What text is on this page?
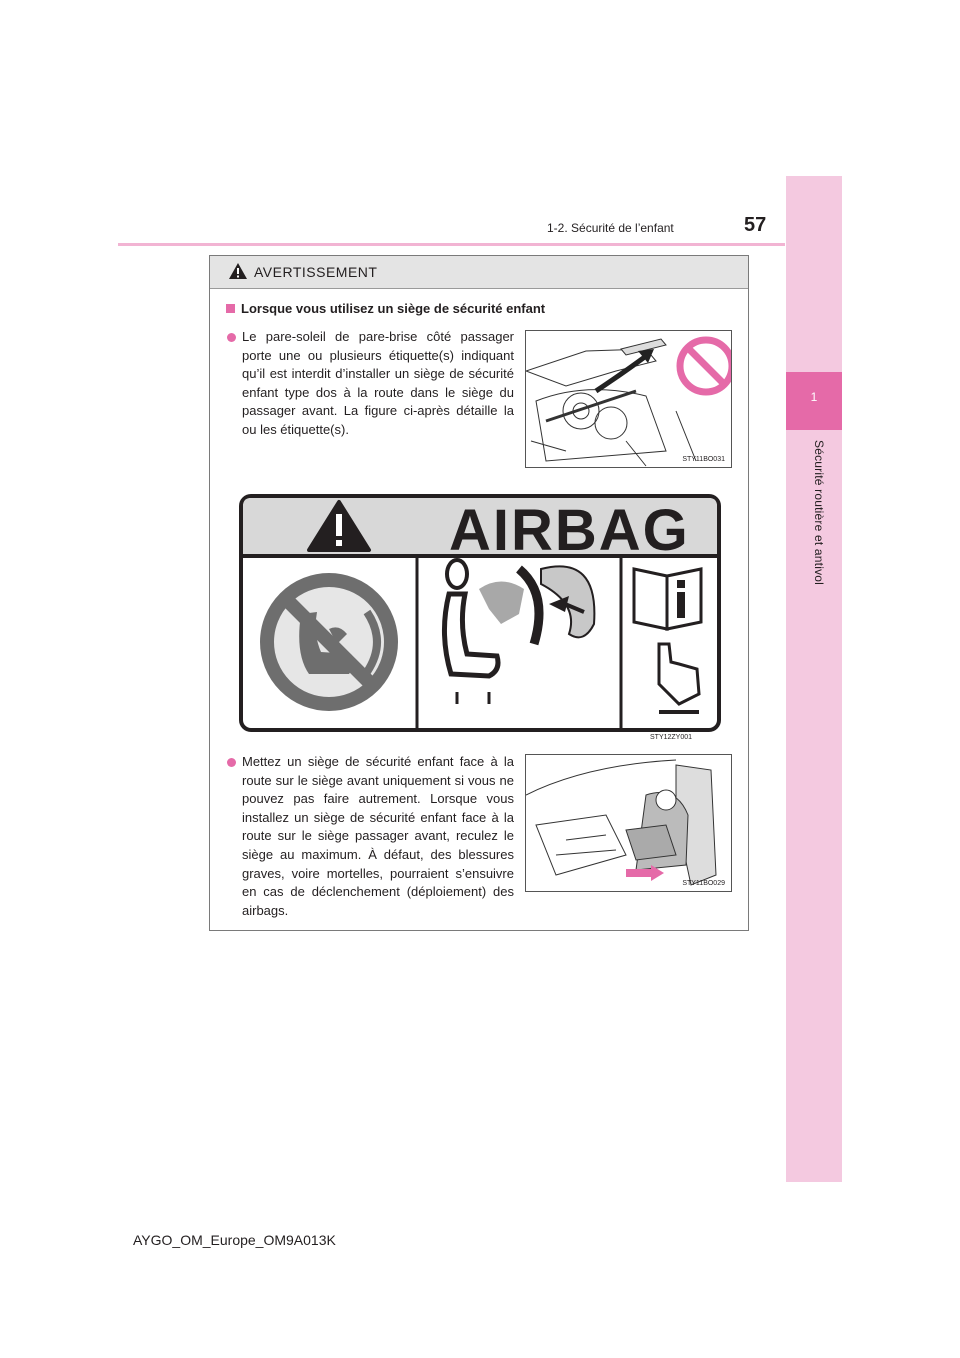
1
Sécurité routière et antivol
1-2. Sécurité de l’enfant	57
AVERTISSEMENT
Lorsque vous utilisez un siège de sécurité enfant
Le pare-soleil de pare-brise côté passager porte une ou plusieurs étiquette(s) indiquant qu’il est interdit d’installer un siège de sécurité enfant type dos à la route dans le siège du passager avant. La figure ci-après détaille la ou les étiquette(s).
STY11BO031
AIRBAG
STY12ZY001
Mettez un siège de sécurité enfant face à la route sur le siège avant uniquement si vous ne pouvez pas faire autrement. Lorsque vous installez un siège de sécurité enfant face à la route sur le siège passager avant, reculez le siège au maximum. À défaut, des blessures graves, voire mortelles, pourraient s’ensuivre en cas de déclenchement (déploiement) des airbags.
STY11BO029
AYGO_OM_Europe_OM9A013K
